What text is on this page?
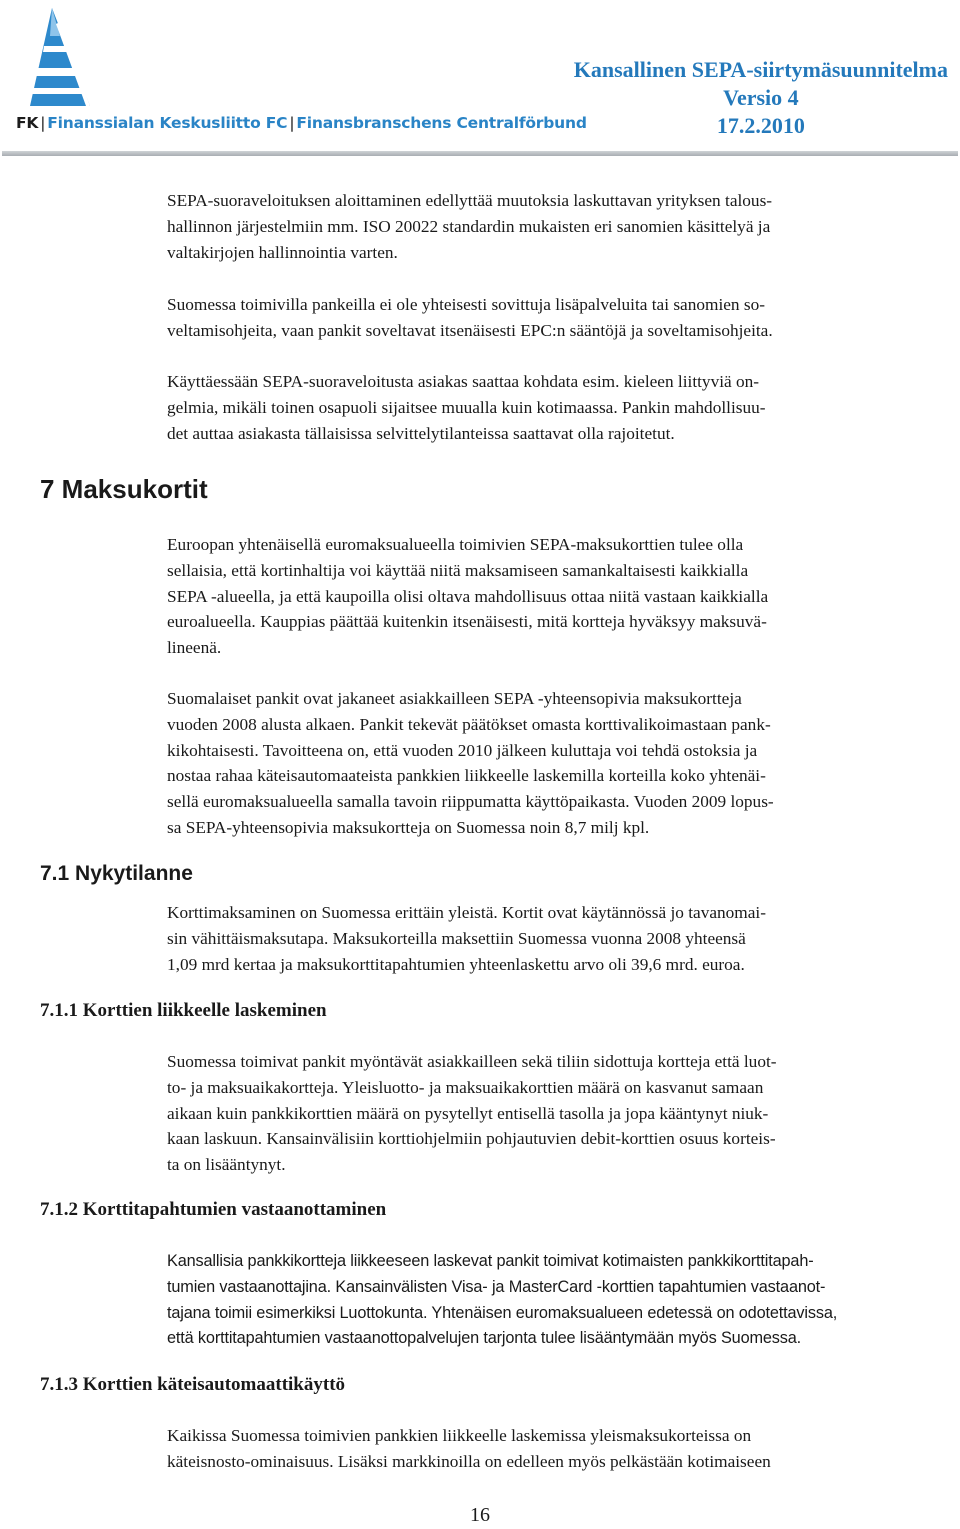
FK | Finanssialan Keskusliitto FC | Finansbranschens Centralförbund
Kansallinen SEPA-siirtymäsuunnitelma
Versio 4
17.2.2010
SEPA-suoraveloituksen aloittaminen edellyttää muutoksia laskuttavan yrityksen talous-
hallinnon järjestelmiin mm. ISO 20022 standardin mukaisten eri sanomien käsittelyä ja
valtakirjojen hallinnointia varten.
Suomessa toimivilla pankeilla ei ole yhteisesti sovittuja lisäpalveluita tai sanomien so-
veltamisohjeita, vaan pankit soveltavat itsenäisesti EPC:n sääntöjä ja soveltamisohjeita.
Käyttäessään SEPA-suoraveloitusta asiakas saattaa kohdata esim. kieleen liittyviä on-
gelmia, mikäli toinen osapuoli sijaitsee muualla kuin kotimaassa. Pankin mahdollisuu-
det auttaa asiakasta tällaisissa selvittelytilanteissa saattavat olla rajoitetut.
7 Maksukortit
Euroopan yhtenäisellä euromaksualueella toimivien SEPA-maksukorttien tulee olla
sellaisia, että kortinhaltija voi käyttää niitä maksamiseen samankaltaisesti kaikkialla
SEPA -alueella, ja että kaupoilla olisi oltava mahdollisuus ottaa niitä vastaan kaikkialla
euroalueella. Kauppias päättää kuitenkin itsenäisesti, mitä kortteja hyväksyy maksuvä-
lineenä.
Suomalaiset pankit ovat jakaneet asiakkailleen SEPA -yhteensopivia maksukortteja
vuoden 2008 alusta alkaen. Pankit tekevät päätökset omasta korttivalikoimastaan pank-
kikohtaisesti. Tavoitteena on, että vuoden 2010 jälkeen kuluttaja voi tehdä ostoksia ja
nostaa rahaa käteisautomaateista pankkien liikkeelle laskemilla korteilla koko yhtenäi-
sellä euromaksualueella samalla tavoin riippumatta käyttöpaikasta. Vuoden 2009 lopus-
sa SEPA-yhteensopivia maksukortteja on Suomessa noin 8,7 milj kpl.
7.1 Nykytilanne
Korttimaksaminen on Suomessa erittäin yleistä. Kortit ovat käytännössä jo tavanomai-
sin vähittäismaksutapa. Maksukorteilla maksettiin Suomessa vuonna 2008 yhteensä
1,09 mrd kertaa ja maksukorttitapahtumien yhteenlaskettu arvo oli 39,6 mrd. euroa.
7.1.1 Korttien liikkeelle laskeminen
Suomessa toimivat pankit myöntävät asiakkailleen sekä tiliin sidottuja kortteja että luot-
to- ja maksuaikakortteja. Yleisluotto- ja maksuaikakorttien määrä on kasvanut samaan
aikaan kuin pankkikorttien määrä on pysytellyt entisellä tasolla ja jopa kääntynyt niuk-
kaan laskuun. Kansainvälisiin korttiohjelmiin pohjautuvien debit-korttien osuus korteis-
ta on lisääntynyt.
7.1.2 Korttitapahtumien vastaanottaminen
Kansallisia pankkikortteja liikkeeseen laskevat pankit toimivat kotimaisten pankkikorttitapah-
tumien vastaanottajina. Kansainvälisten Visa- ja MasterCard -korttien tapahtumien vastaanot-
tajana toimii esimerkiksi Luottokunta. Yhtenäisen euromaksualueen edetessä on odotettavissa,
että korttitapahtumien vastaanottopalvelujen tarjonta tulee lisääntymään myös Suomessa.
7.1.3 Korttien käteisautomaattikäyttö
Kaikissa Suomessa toimivien pankkien liikkeelle laskemissa yleismaksukorteissa on
käteisnosto-ominaisuus. Lisäksi markkinoilla on edelleen myös pelkästään kotimaiseen
16
